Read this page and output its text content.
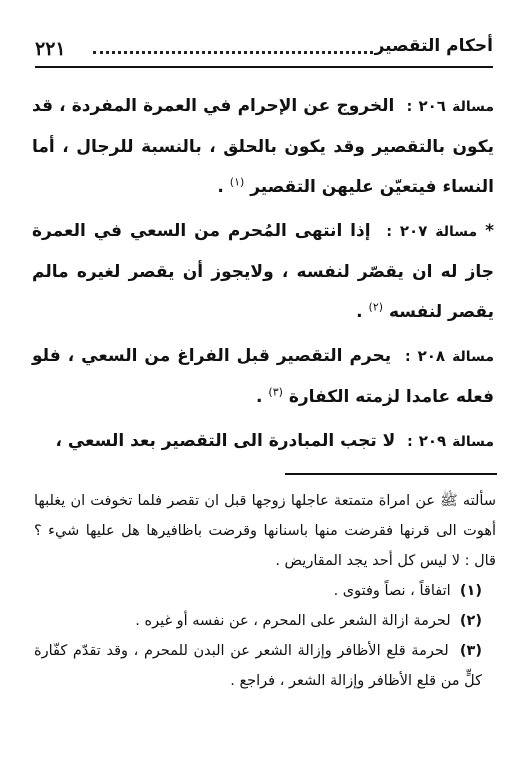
٢٢١	أحكام التقصير

مسالة ٢٠٦ :  الخروج عن الإحرام في العمرة المفردة ، قد يكون بالتقصير وقد يكون بالحلق ، بالنسبة للرجال ، أما النساء فيتعيّن عليهن التقصير $^{(١)}$ .

* مسالة ٢٠٧ :  إذا انتهى المُحرم من السعي في العمرة جاز له ان يقصّر لنفسه ، ولايجوز أن يقصر لغيره مالم يقصر لنفسه $^{(٢)}$ .

مسالة ٢٠٨ :  يحرم التقصير قبل الفراغ من السعي ، فلو فعله عامدا لزمته الكفارة $^{(٣)}$ .

مسالة ٢٠٩ :  لا تجب المبادرة الى التقصير بعد السعي ،

سألته ﷺ عن امراة متمتعة عاجلها زوجها قبل ان تقصر فلما تخوفت ان يغلبها أهوت الى قرنها فقرضت منها باسنانها وقرضت باظافيرها هل عليها شيء ؟ قال : لا ليس كل أحد يجد المقاريض .

(١)  اتفاقاً ، نصاً وفتوى .

(٢)  لحرمة ازالة الشعر على المحرم ، عن نفسه أو غيره .

(٣)  لحرمة قلع الأظافر وإزالة الشعر عن البدن للمحرم ، وقد تقدّم كفّارة كلٍّ من قلع الأظافر وإزالة الشعر ، فراجع .
